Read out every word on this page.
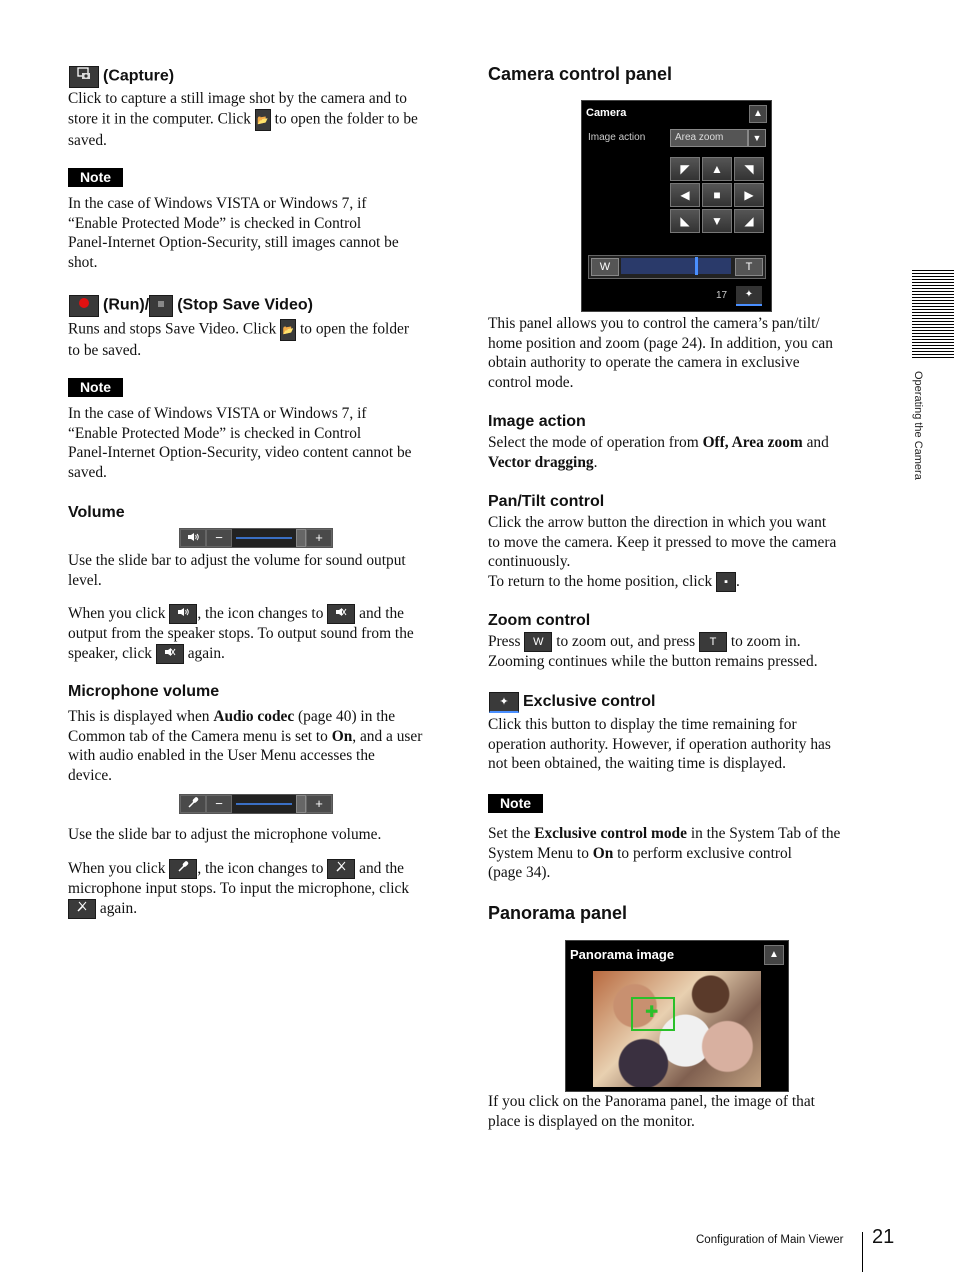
(Capture)
Click to capture a still image shot by the camera and to
store it in the computer. Click 📂 to open the folder to be
saved.
Note
In the case of Windows VISTA or Windows 7, if
“Enable Protected Mode” is checked in Control
Panel-Internet Option-Security, still images cannot be
shot.
(Run)/ (Stop Save Video)
Runs and stops Save Video. Click 📂 to open the folder
to be saved.
Note
In the case of Windows VISTA or Windows 7, if
“Enable Protected Mode” is checked in Control
Panel-Internet Option-Security, video content cannot be
saved.
Volume
−	+
Use the slide bar to adjust the volume for sound output
level.
When you click , the icon changes to and the
output from the speaker stops. To output sound from the
speaker, click again.
Microphone volume
This is displayed when Audio codec (page 40) in the
Common tab of the Camera menu is set to On, and a user
with audio enabled in the User Menu accesses the
device.
−	+
Use the slide bar to adjust the microphone volume.
When you click , the icon changes to and the
microphone input stops. To input the microphone, click
again.
Camera control panel
Camera	▲
Image action	Area zoom	▼
◤	▲	◥
◀	■	▶
◣	▼	◢
W	T
17	✦
This panel allows you to control the camera’s pan/tilt/
home position and zoom (page 24). In addition, you can
obtain authority to operate the camera in exclusive
control mode.
Image action
Select the mode of operation from Off, Area zoom and
Vector dragging.
Pan/Tilt control
Click the arrow button the direction in which you want
to move the camera. Keep it pressed to move the camera
continuously.
To return to the home position, click ▪ .
Zoom control
Press W to zoom out, and press T to zoom in.
Zooming continues while the button remains pressed.
✦ Exclusive control
Click this button to display the time remaining for
operation authority. However, if operation authority has
not been obtained, the waiting time is displayed.
Note
Set the Exclusive control mode in the System Tab of the
System Menu to On to perform exclusive control
(page 34).
Panorama panel
Panorama image	▲
✚
If you click on the Panorama panel, the image of that
place is displayed on the monitor.
Operating the Camera
Configuration of Main Viewer 21
